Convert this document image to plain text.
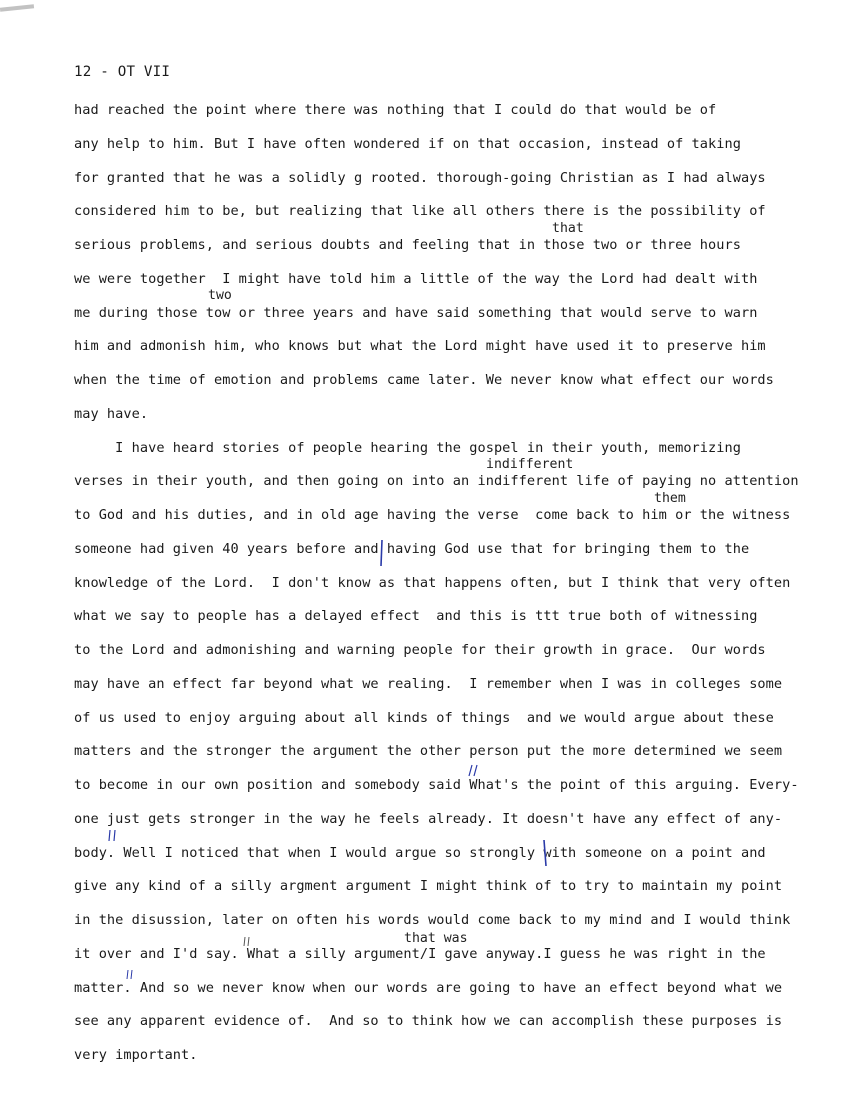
12 - OT VII
had reached the point where there was nothing that I could do that would be of
any help to him. But I have often wondered if on that occasion, instead of taking
for granted that he was a solidly g rooted. thorough-going Christian as I had always
considered him to be, but realizing that like all others there is the possibility of
serious problems, and serious doubts and feeling that in those two or three hours
we were together  I might have told him a little of the way the Lord had dealt with
me during those tow or three years and have said something that would serve to warn
him and admonish him, who knows but what the Lord might have used it to preserve him
when the time of emotion and problems came later. We never know what effect our words
may have.
I have heard stories of people hearing the gospel in their youth, memorizing
verses in their youth, and then going on into an indifferent life of paying no attention
to God and his duties, and in old age having the verse  come back to him or the witness
someone had given 40 years before and having God use that for bringing them to the
knowledge of the Lord.  I don't know as that happens often, but I think that very often
what we say to people has a delayed effect  and this is ttt true both of witnessing
to the Lord and admonishing and warning people for their growth in grace.  Our words
may have an effect far beyond what we realing.  I remember when I was in colleges some
of us used to enjoy arguing about all kinds of things  and we would argue about these
matters and the stronger the argument the other person put the more determined we seem
to become in our own position and somebody said What's the point of this arguing. Every-
one just gets stronger in the way he feels already. It doesn't have any effect of any-
body. Well I noticed that when I would argue so strongly with someone on a point and
give any kind of a silly argment argument I might think of to try to maintain my point
in the disussion, later on often his words would come back to my mind and I would think
it over and I'd say. What a silly argument/I gave anyway.I guess he was right in the
matter. And so we never know when our words are going to have an effect beyond what we
see any apparent evidence of.  And so to think how we can accomplish these purposes is
very important.
that
two
indifferent
them
that was
